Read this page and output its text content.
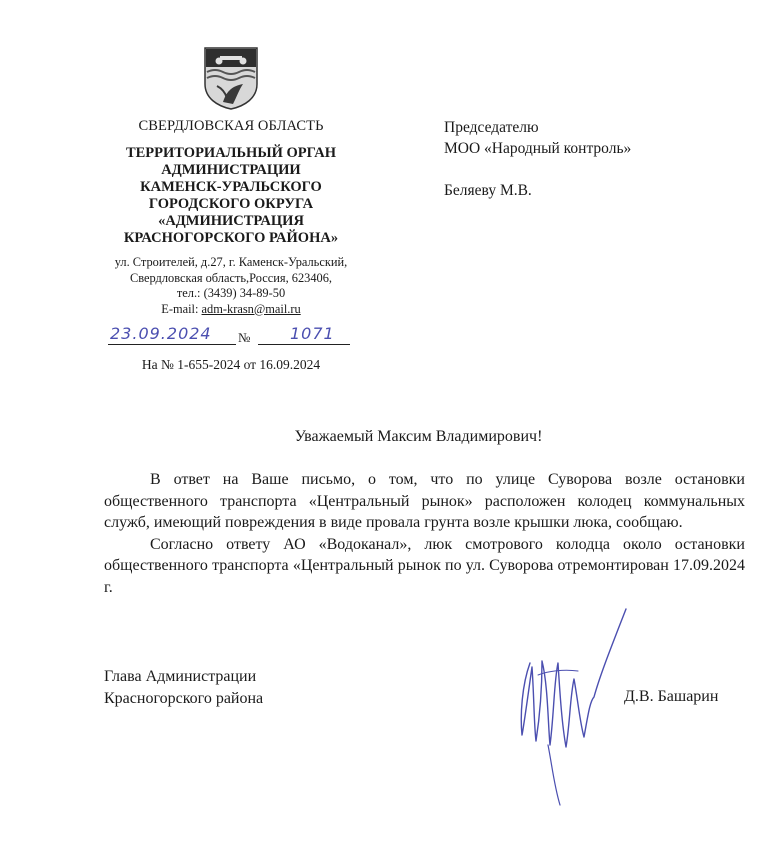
СВЕРДЛОВСКАЯ ОБЛАСТЬ
ТЕРРИТОРИАЛЬНЫЙ ОРГАН
АДМИНИСТРАЦИИ
КАМЕНСК-УРАЛЬСКОГО
ГОРОДСКОГО ОКРУГА
«АДМИНИСТРАЦИЯ
КРАСНОГОРСКОГО РАЙОНА»
ул. Строителей, д.27, г. Каменск-Уральский,
Свердловская область,Россия, 623406,
тел.: (3439) 34-89-50
E-mail: adm-krasn@mail.ru
23.09.2024 № 1071
На № 1-655-2024 от 16.09.2024
Председателю
МОО «Народный контроль»
Беляеву М.В.
Уважаемый Максим Владимирович!

В ответ на Ваше письмо, о том, что по улице Суворова возле остановки общественного транспорта «Центральный рынок» расположен колодец коммунальных служб, имеющий повреждения в виде провала грунта возле крышки люка, сообщаю.

Согласно ответу АО «Водоканал», люк смотрового колодца около остановки общественного транспорта «Центральный рынок по ул. Суворова отремонтирован 17.09.2024 г.

Глава Администрации
Красногорского района	Д.В. Башарин
